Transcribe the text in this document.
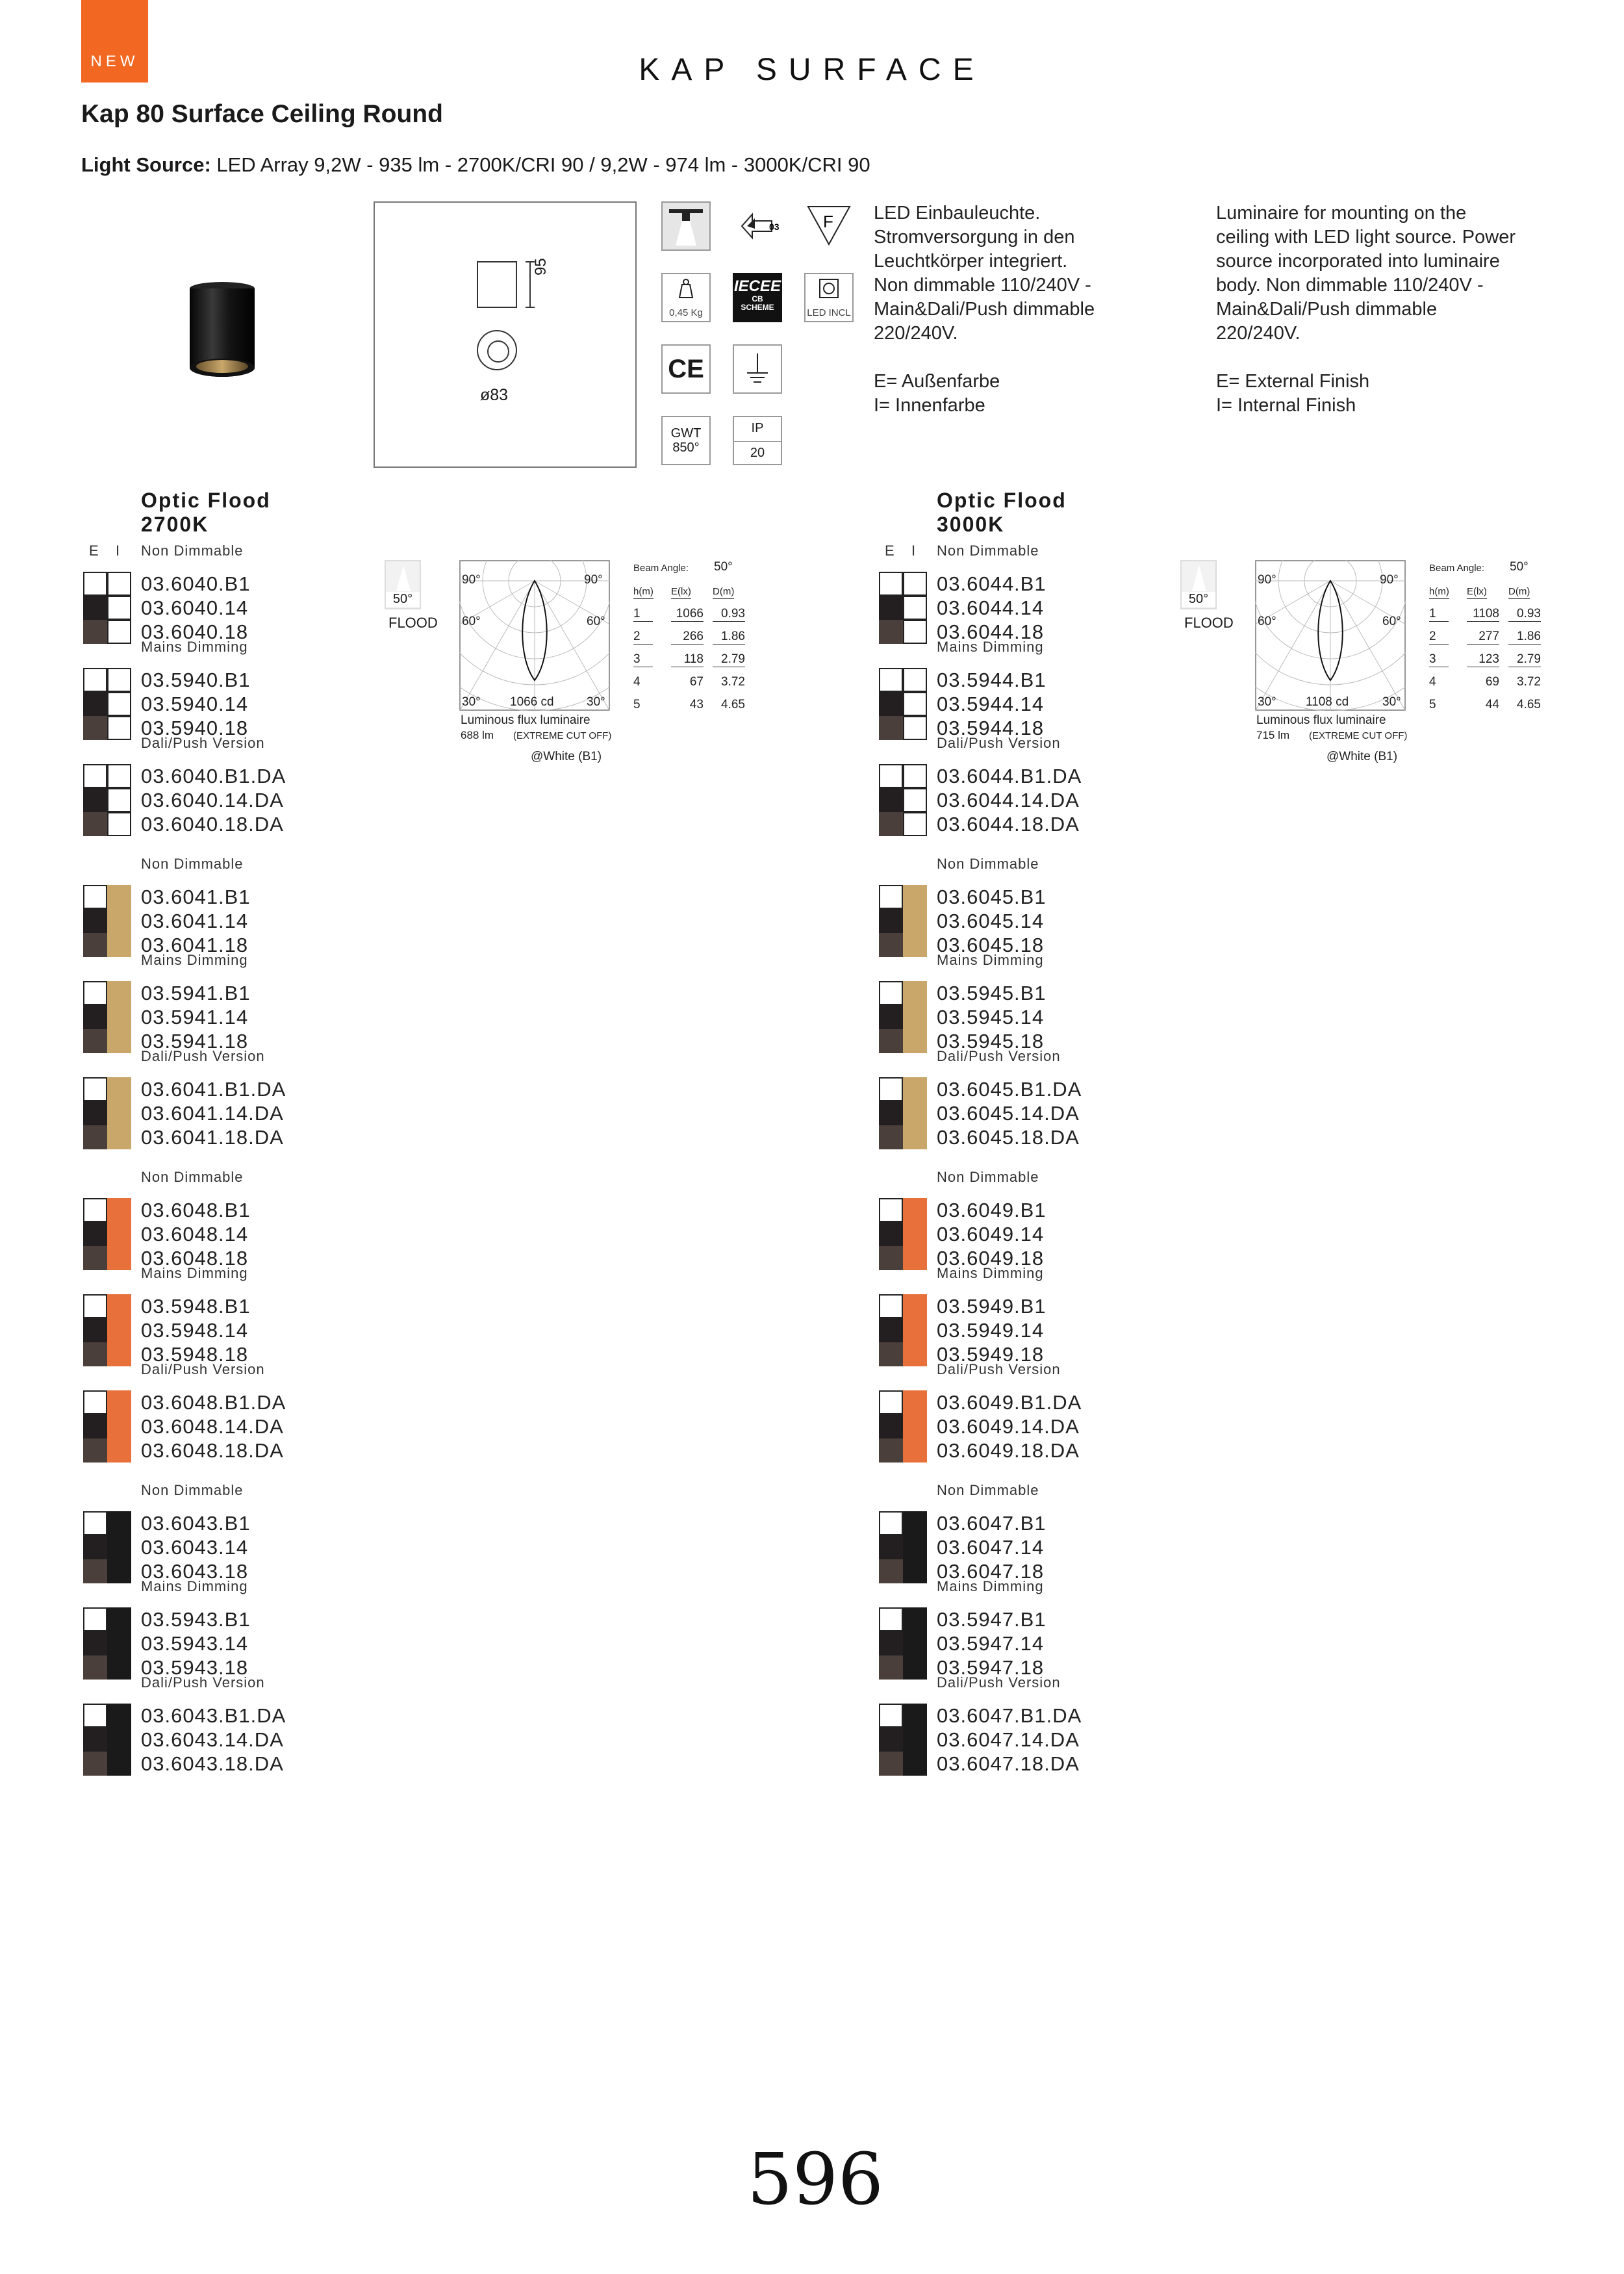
NEW	KAP SURFACE
Kap 80 Surface Ceiling Round
Light Source: LED Array 9,2W - 935 lm - 2700K/CRI 90 / 9,2W - 974 lm - 3000K/CRI 90
95
ø83
03	F
0,45 Kg
IECEE
CB
SCHEME	LED INCL
CE
GWT
850°
IP
20
LED Einbauleuchte.
Stromversorgung in den
Leuchtkörper integriert.
Non dimmable 110/240V -
Main&Dali/Push dimmable
220/240V.

E= Außenfarbe
I= Innenfarbe
Luminaire for mounting on the
ceiling with LED light source. Power
source incorporated into luminaire
body. Non dimmable 110/240V -
Main&Dali/Push dimmable
220/240V.

E= External Finish
I= Internal Finish
Optic Flood
2700K
E I Non Dimmable
03.6040.B1
03.6040.14
03.6040.18
Mains Dimming
03.5940.B1
03.5940.14
03.5940.18
Dali/Push Version
03.6040.B1.DA
03.6040.14.DA
03.6040.18.DA
Non Dimmable
03.6041.B1
03.6041.14
03.6041.18
Mains Dimming
03.5941.B1
03.5941.14
03.5941.18
Dali/Push Version
03.6041.B1.DA
03.6041.14.DA
03.6041.18.DA
Non Dimmable
03.6048.B1
03.6048.14
03.6048.18
Mains Dimming
03.5948.B1
03.5948.14
03.5948.18
Dali/Push Version
03.6048.B1.DA
03.6048.14.DA
03.6048.18.DA
Non Dimmable
03.6043.B1
03.6043.14
03.6043.18
Mains Dimming
03.5943.B1
03.5943.14
03.5943.18
Dali/Push Version
03.6043.B1.DA
03.6043.14.DA
03.6043.18.DA
50°
FLOOD
90°	90°
60°	60°
30°	30°
1066 cd
Luminous flux luminaire
688 lm (EXTREME CUT OFF)
@White (B1)
Beam Angle: 50°
h(m) E(lx) D(m)
1	1066	0.93
2	266	1.86
3	118	2.79
4	67	3.72
5	43	4.65
Optic Flood
3000K
E I Non Dimmable
03.6044.B1
03.6044.14
03.6044.18
Mains Dimming
03.5944.B1
03.5944.14
03.5944.18
Dali/Push Version
03.6044.B1.DA
03.6044.14.DA
03.6044.18.DA
Non Dimmable
03.6045.B1
03.6045.14
03.6045.18
Mains Dimming
03.5945.B1
03.5945.14
03.5945.18
Dali/Push Version
03.6045.B1.DA
03.6045.14.DA
03.6045.18.DA
Non Dimmable
03.6049.B1
03.6049.14
03.6049.18
Mains Dimming
03.5949.B1
03.5949.14
03.5949.18
Dali/Push Version
03.6049.B1.DA
03.6049.14.DA
03.6049.18.DA
Non Dimmable
03.6047.B1
03.6047.14
03.6047.18
Mains Dimming
03.5947.B1
03.5947.14
03.5947.18
Dali/Push Version
03.6047.B1.DA
03.6047.14.DA
03.6047.18.DA
50°
FLOOD
90°	90°
60°	60°
30°	30°
1108 cd
Luminous flux luminaire
715 lm (EXTREME CUT OFF)
@White (B1)
Beam Angle: 50°
h(m) E(lx) D(m)
1	1108	0.93
2	277	1.86
3	123	2.79
4	69	3.72
5	44	4.65
596
